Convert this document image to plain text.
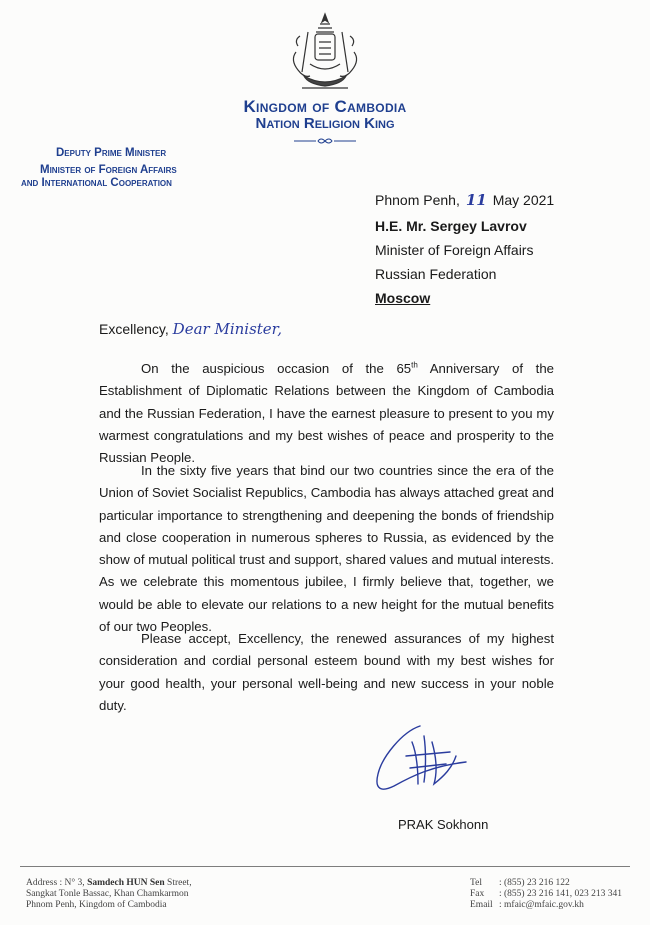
Kingdom of Cambodia
Nation Religion King
Deputy Prime Minister
Minister of Foreign Affairs
and International Cooperation
Phnom Penh, 11 May 2021
H.E. Mr. Sergey Lavrov
Minister of Foreign Affairs
Russian Federation
Moscow
Excellency, Dear Minister,

On the auspicious occasion of the 65th Anniversary of the Establishment of Diplomatic Relations between the Kingdom of Cambodia and the Russian Federation, I have the earnest pleasure to present to you my warmest congratulations and my best wishes of peace and prosperity to the Russian People.

In the sixty five years that bind our two countries since the era of the Union of Soviet Socialist Republics, Cambodia has always attached great and particular importance to strengthening and deepening the bonds of friendship and close cooperation in numerous spheres to Russia, as evidenced by the show of mutual political trust and support, shared values and mutual interests. As we celebrate this momentous jubilee, I firmly believe that, together, we would be able to elevate our relations to a new height for the mutual benefits of our two Peoples.

Please accept, Excellency, the renewed assurances of my highest consideration and cordial personal esteem bound with my best wishes for your good health, your personal well-being and new success in your noble duty.

PRAK Sokhonn
Address : N° 3, Samdech HUN Sen Street,
Sangkat Tonle Bassac, Khan Chamkarmon
Phnom Penh, Kingdom of Cambodia
Tel : (855) 23 216 122
Fax : (855) 23 216 141, 023 213 341
Email : mfaic@mfaic.gov.kh
